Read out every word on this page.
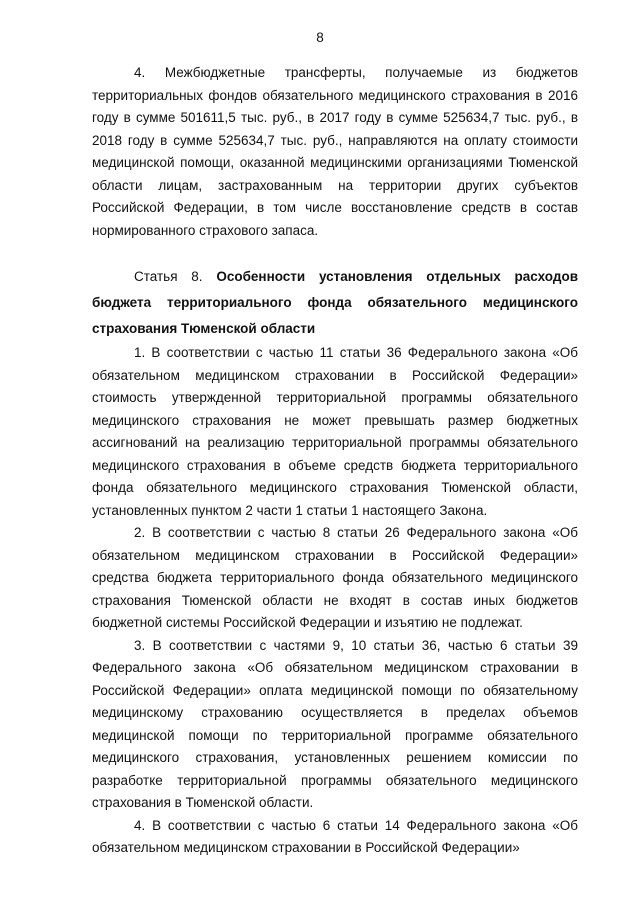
8

4. Межбюджетные трансферты, получаемые из бюджетов территориальных фондов обязательного медицинского страхования в 2016 году в сумме 501611,5 тыс. руб., в 2017 году в сумме 525634,7 тыс. руб., в 2018 году в сумме 525634,7 тыс. руб., направляются на оплату стоимости медицинской помощи, оказанной медицинскими организациями Тюменской области лицам, застрахованным на территории других субъектов Российской Федерации, в том числе восстановление средств в состав нормированного страхового запаса.

Статья 8. Особенности установления отдельных расходов бюджета территориального фонда обязательного медицинского страхования Тюменской области

1. В соответствии с частью 11 статьи 36 Федерального закона «Об обязательном медицинском страховании в Российской Федерации» стоимость утвержденной территориальной программы обязательного медицинского страхования не может превышать размер бюджетных ассигнований на реализацию территориальной программы обязательного медицинского страхования в объеме средств бюджета территориального фонда обязательного медицинского страхования Тюменской области, установленных пунктом 2 части 1 статьи 1 настоящего Закона.

2. В соответствии с частью 8 статьи 26 Федерального закона «Об обязательном медицинском страховании в Российской Федерации» средства бюджета территориального фонда обязательного медицинского страхования Тюменской области не входят в состав иных бюджетов бюджетной системы Российской Федерации и изъятию не подлежат.

3. В соответствии с частями 9, 10 статьи 36, частью 6 статьи 39 Федерального закона «Об обязательном медицинском страховании в Российской Федерации» оплата медицинской помощи по обязательному медицинскому страхованию осуществляется в пределах объемов медицинской помощи по территориальной программе обязательного медицинского страхования, установленных решением комиссии по разработке территориальной программы обязательного медицинского страхования в Тюменской области.

4. В соответствии с частью 6 статьи 14 Федерального закона «Об обязательном медицинском страховании в Российской Федерации»
